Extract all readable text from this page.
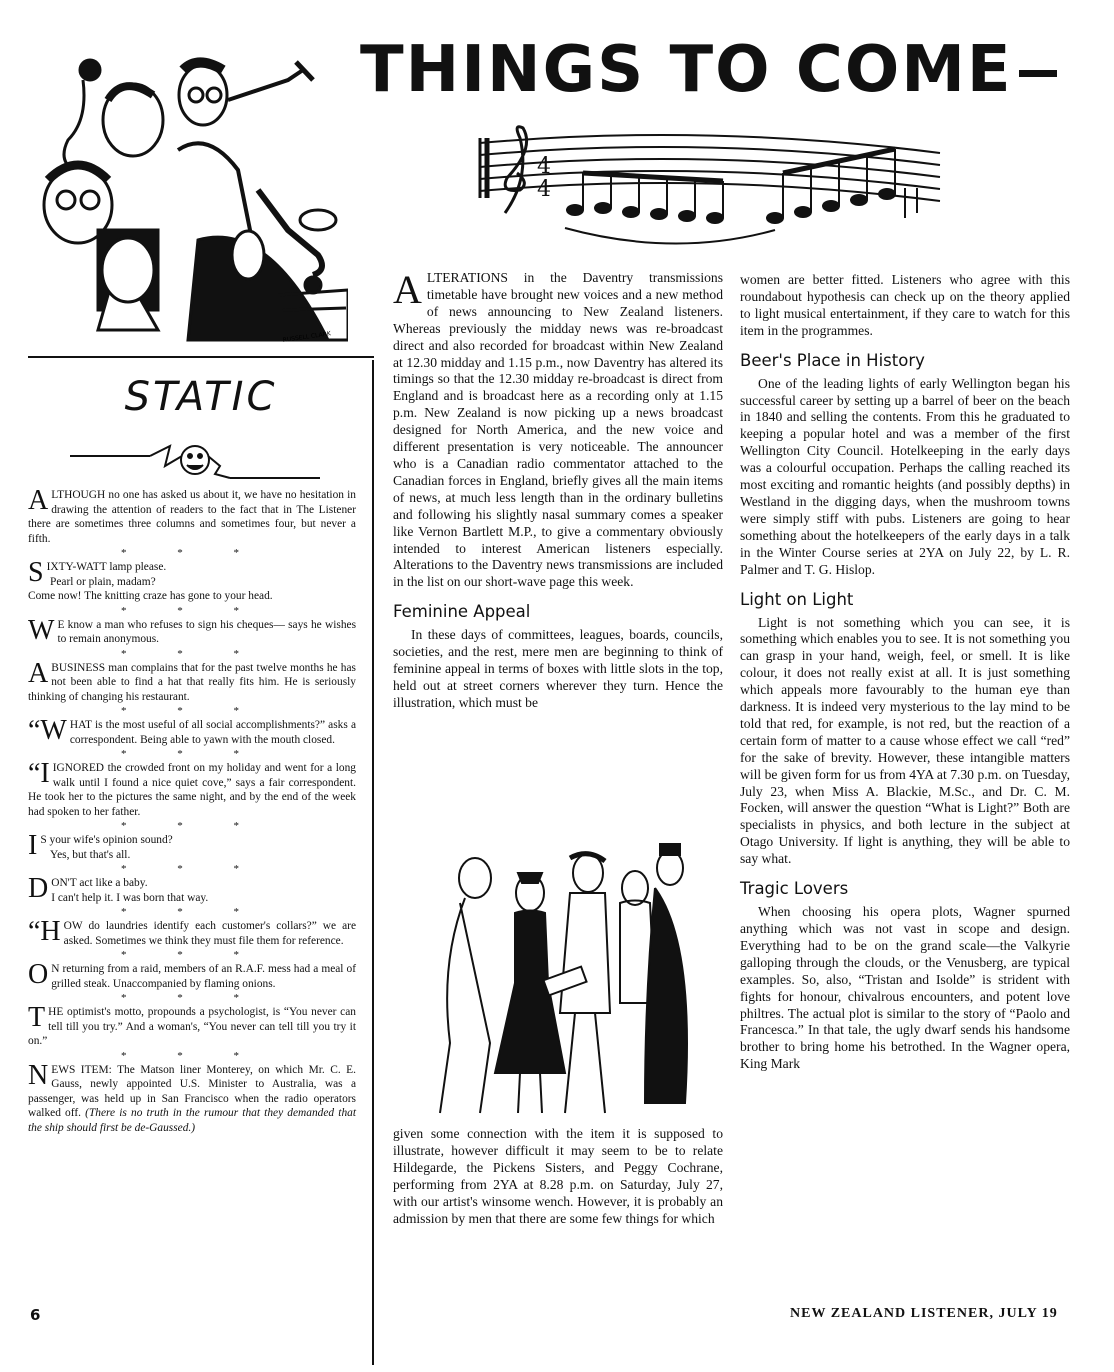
THINGS TO COME
RUSSELL CLARK
4
4
STATIC

ALTHOUGH no one has asked us about it, we have no hesitation in drawing the attention of readers to the fact that in The Listener there are sometimes three columns and sometimes four, but never a fifth.

* * *

SIXTY-WATT lamp please.

Pearl or plain, madam?

Come now! The knitting craze has gone to your head.

* * *

W E know a man who refuses to sign his cheques— says he wishes to remain anonymous.

* * *

A BUSINESS man complains that for the past twelve months he has not been able to find a hat that really fits him. He is seriously thinking of changing his restaurant.

* * *

“WHAT is the most useful of all social accomplishments?” asks a correspondent. Being able to yawn with the mouth closed.

* * *

“I IGNORED the crowded front on my holiday and went for a long walk until I found a nice quiet cove,” says a fair correspondent. He took her to the pictures the same night, and by the end of the week had spoken to her father.

* * *

I S your wife's opinion sound?

Yes, but that's all.

* * *

DON'T act like a baby.

I can't help it. I was born that way.

* * *

“HOW do laundries identify each customer's collars?” we are asked. Sometimes we think they must file them for reference.

* * *

O N returning from a raid, members of an R.A.F. mess had a meal of grilled steak. Unaccompanied by flaming onions.

* * *

THE optimist's motto, propounds a psychologist, is “You never can tell till you try.” And a woman's, “You never can tell till you try it on.”

* * *

NEWS ITEM: The Matson liner Monterey, on which Mr. C. E. Gauss, newly appointed U.S. Minister to Australia, was a passenger, was held up in San Francisco when the radio operators walked off. (There is no truth in the rumour that they demanded that the ship should first be de-Gaussed.)

ALTERATIONS in the Daventry transmissions timetable have brought new voices and a new method of news announcing to New Zealand listeners. Whereas previously the midday news was re-broadcast direct and also recorded for broadcast within New Zealand at 12.30 midday and 1.15 p.m., now Daventry has altered its timings so that the 12.30 midday re-broadcast is direct from England and is broadcast here as a recording only at 1.15 p.m. New Zealand is now picking up a news broadcast designed for North America, and the new voice and different presentation is very noticeable. The announcer who is a Canadian radio commentator attached to the Canadian forces in England, briefly gives all the main items of news, at much less length than in the ordinary bulletins and following his slightly nasal summary comes a speaker like Vernon Bartlett M.P., to give a commentary obviously intended to interest American listeners especially. Alterations to the Daventry news transmissions are included in the list on our short-wave page this week.

Feminine Appeal

In these days of committees, leagues, boards, councils, societies, and the rest, mere men are beginning to think of feminine appeal in terms of boxes with little slots in the top, held out at street corners wherever they turn. Hence the illustration, which must be

given some connection with the item it is supposed to illustrate, however difficult it may seem to be to relate Hildegarde, the Pickens Sisters, and Peggy Cochrane, performing from 2YA at 8.28 p.m. on Saturday, July 27, with our artist's winsome wench. However, it is probably an admission by men that there are some few things for which

women are better fitted. Listeners who agree with this roundabout hypothesis can check up on the theory applied to light musical entertainment, if they care to watch for this item in the programmes.

Beer's Place in History

One of the leading lights of early Wellington began his successful career by setting up a barrel of beer on the beach in 1840 and selling the contents. From this he graduated to keeping a popular hotel and was a member of the first Wellington City Council. Hotelkeeping in the early days was a colourful occupation. Perhaps the calling reached its most exciting and romantic heights (and possibly depths) in Westland in the digging days, when the mushroom towns were simply stiff with pubs. Listeners are going to hear something about the hotelkeepers of the early days in a talk in the Winter Course series at 2YA on July 22, by L. R. Palmer and T. G. Hislop.

Light on Light

Light is not something which you can see, it is something which enables you to see. It is not something you can grasp in your hand, weigh, feel, or smell. It is like colour, it does not really exist at all. It is just something which appeals more favourably to the human eye than darkness. It is indeed very mysterious to the lay mind to be told that red, for example, is not red, but the reaction of a certain form of matter to a cause whose effect we call “red” for the sake of brevity. However, these intangible matters will be given form for us from 4YA at 7.30 p.m. on Tuesday, July 23, when Miss A. Blackie, M.Sc., and Dr. C. M. Focken, will answer the question “What is Light?” Both are specialists in physics, and both lecture in the subject at Otago University. If light is anything, they will be able to say what.

Tragic Lovers

When choosing his opera plots, Wagner spurned anything which was not vast in scope and design. Everything had to be on the grand scale—the Valkyrie galloping through the clouds, or the Venusberg, are typical examples. So, also, “Tristan and Isolde” is strident with fights for honour, chivalrous encounters, and potent love philtres. The actual plot is similar to the story of “Paolo and Francesca.” In that tale, the ugly dwarf sends his handsome brother to bring home his betrothed. In the Wagner opera, King Mark

6	NEW ZEALAND LISTENER, JULY 19
